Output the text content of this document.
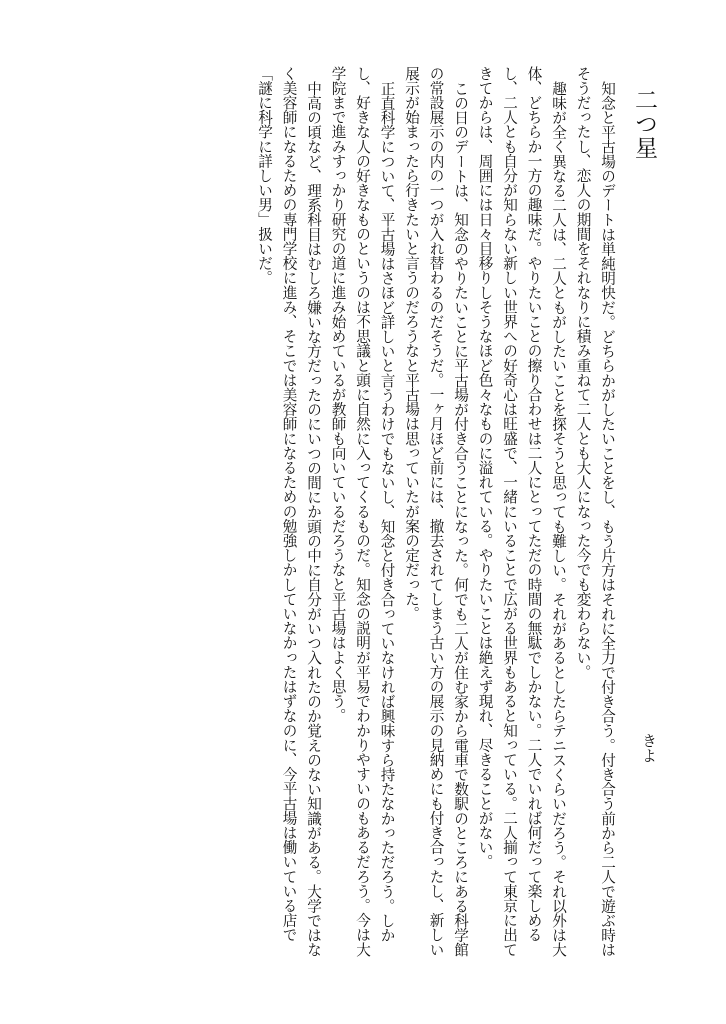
二つ星
きよ

知念と平古場のデートは単純明快だ。どちらかがしたいことをし、もう片方はそれに全力で付き合う。付き合う前から二人で遊ぶ時はそうだったし、恋人の期間をそれなりに積み重ねて二人とも大人になった今でも変わらない。

趣味が全く異なる二人は、二人ともがしたいことを探そうと思っても難しい。それがあるとしたらテニスくらいだろう。それ以外は大体、どちらか一方の趣味だ。やりたいことの擦り合わせは二人にとってただの時間の無駄でしかない。二人でいれば何だって楽しめるし、二人とも自分が知らない新しい世界への好奇心は旺盛で、一緒にいることで広がる世界もあると知っている。二人揃って東京に出てきてからは、周囲には日々目移りしそうなほど色々なものに溢れている。やりたいことは絶えず現れ、尽きることがない。

この日のデートは、知念のやりたいことに平古場が付き合うことになった。何でも二人が住む家から電車で数駅のところにある科学館の常設展示の内の一つが入れ替わるのだそうだ。一ヶ月ほど前には、撤去されてしまう古い方の展示の見納めにも付き合ったし、新しい展示が始まったら行きたいと言うのだろうなと平古場は思っていたが案の定だった。

正直科学について、平古場はさほど詳しいと言うわけでもないし、知念と付き合っていなければ興味すら持たなかっただろう。しかし、好きな人の好きなものというのは不思議と頭に自然に入ってくるものだ。知念の説明が平易でわかりやすいのもあるだろう。今は大学院まで進みすっかり研究の道に進み始めているが教師も向いているだろうなと平古場はよく思う。

中高の頃など、理系科目はむしろ嫌いな方だったのにいつの間にか頭の中に自分がいつ入れたのか覚えのない知識がある。大学ではなく美容師になるための専門学校に進み、そこでは美容師になるための勉強しかしていなかったはずなのに、今平古場は働いている店で「謎に科学に詳しい男」扱いだ。
